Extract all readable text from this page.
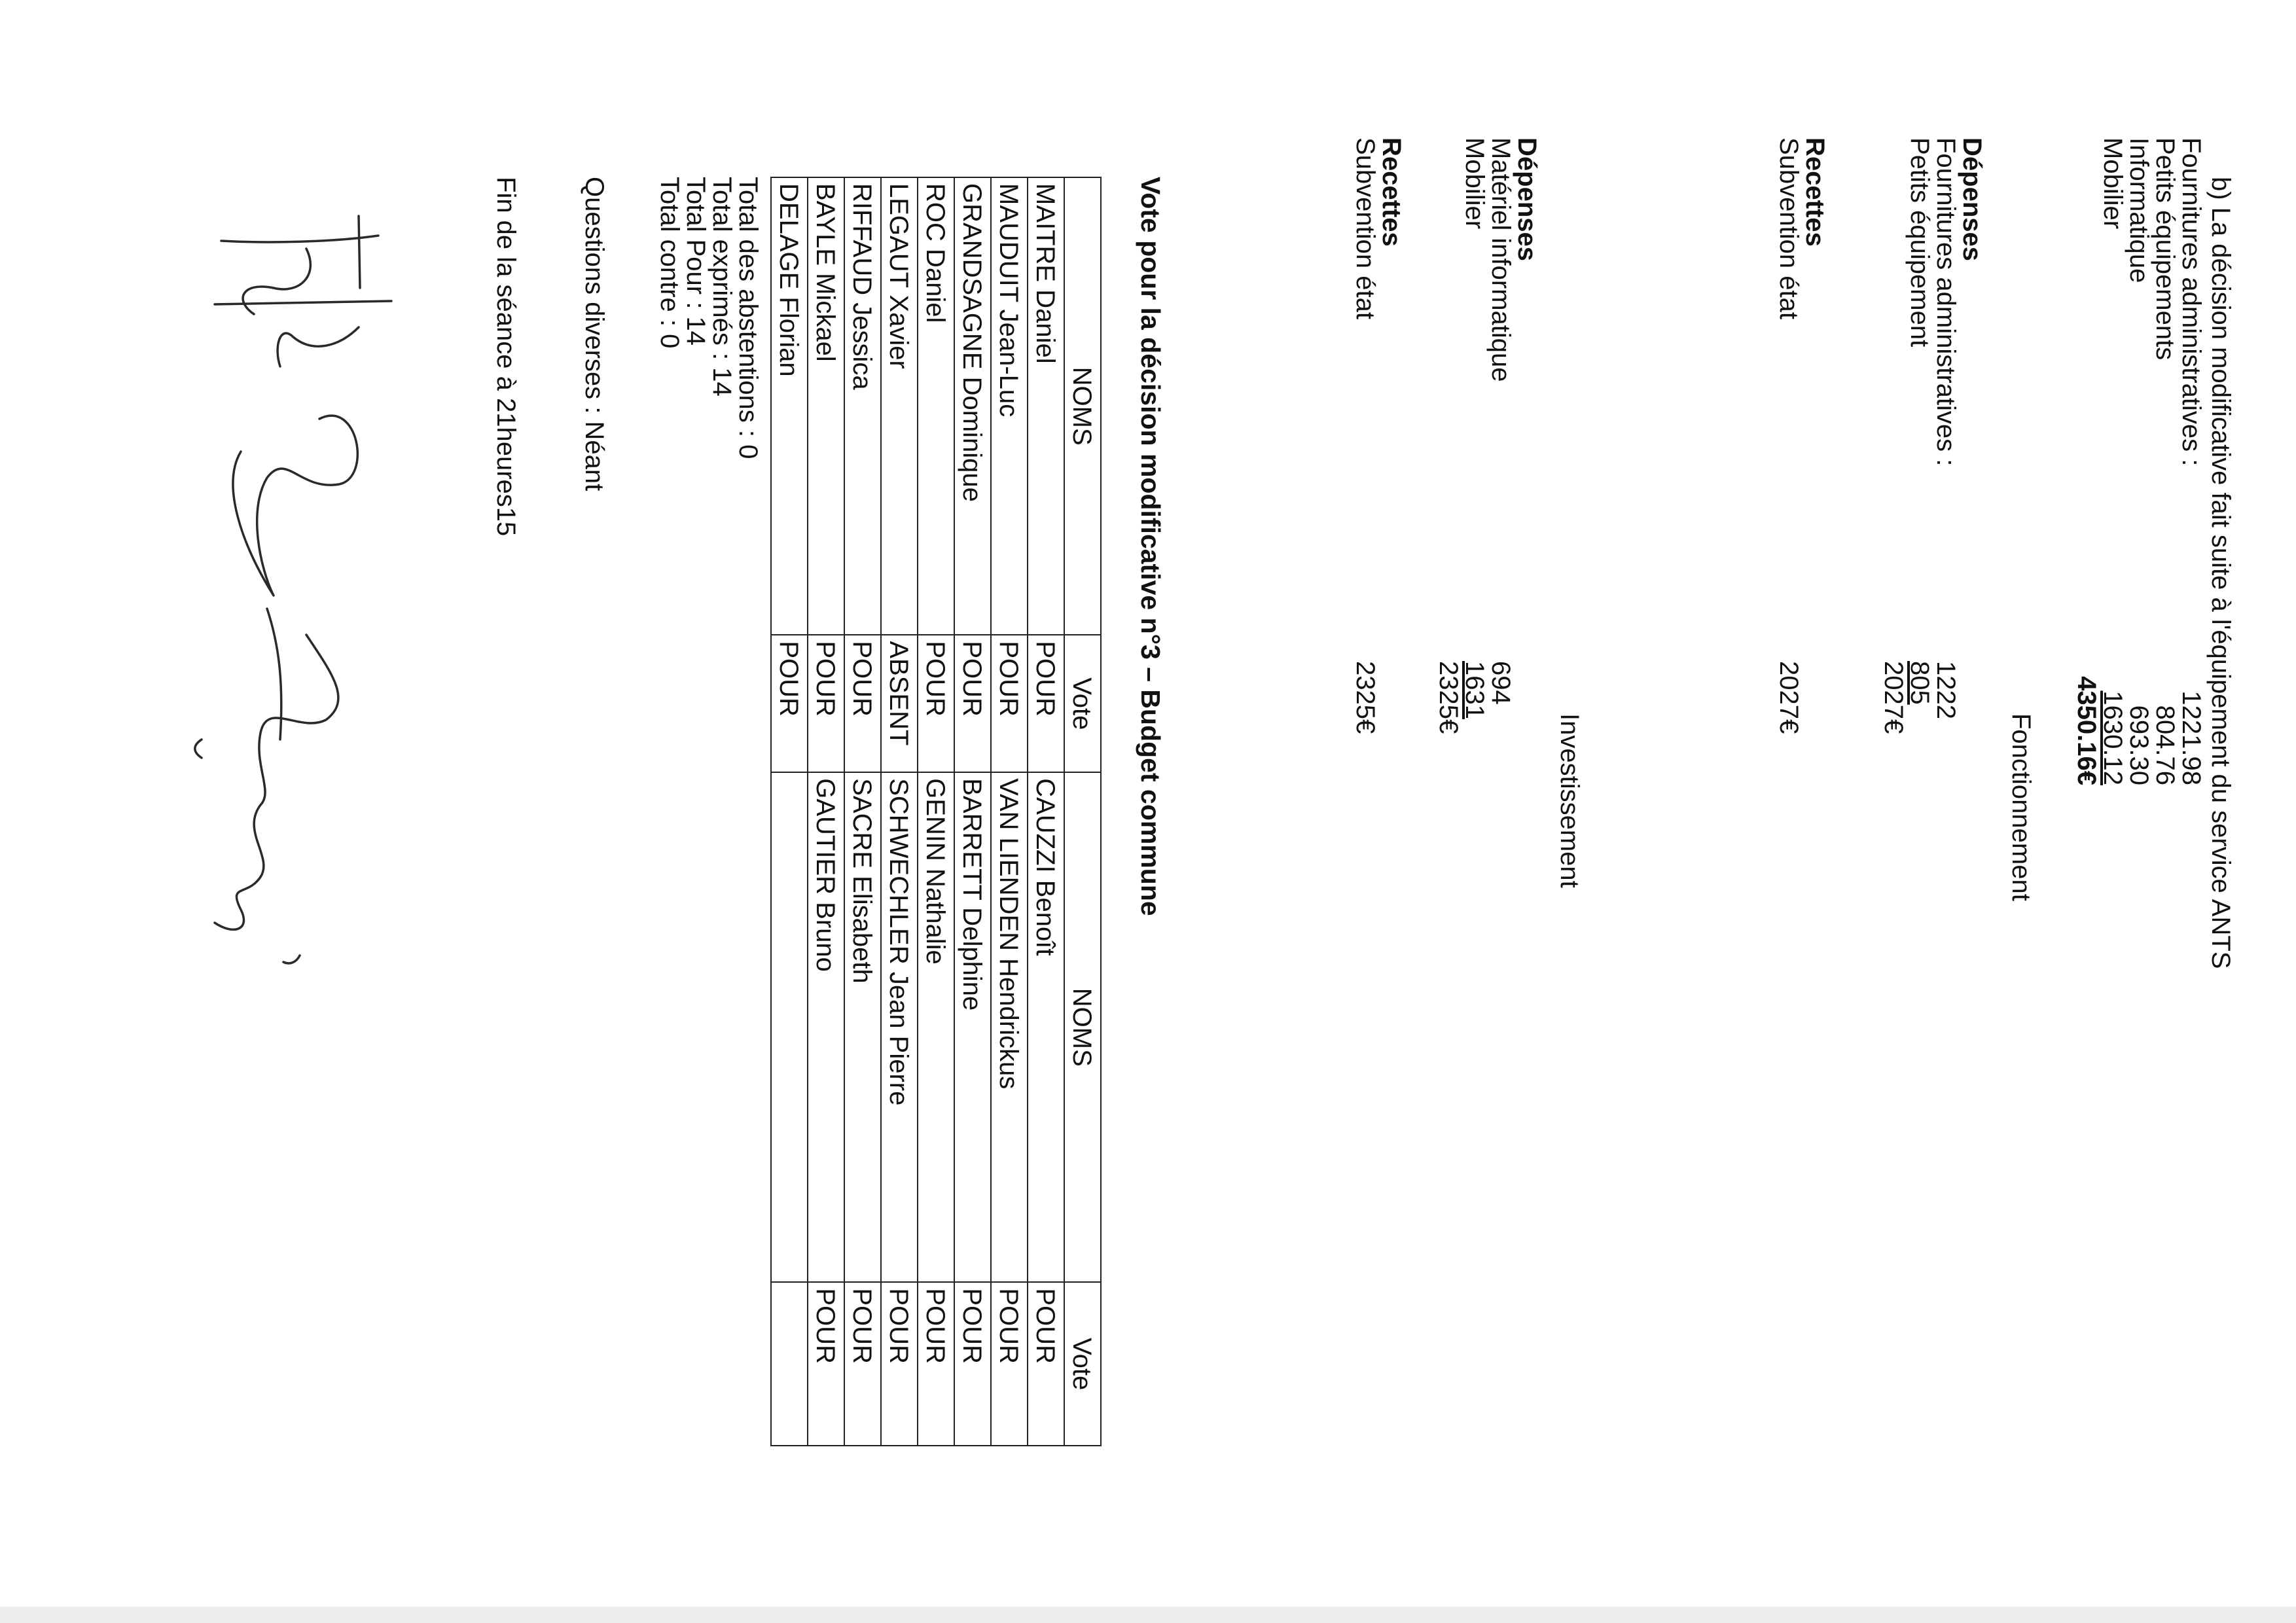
b) La décision modificative fait suite à l'équipement du service ANTS
Fournitures administratives :
1221.98
Petits équipements
804.76
Informatique
693.30
Mobilier
1630.12
4350.16€
Fonctionnement
Dépenses
Fournitures administratives :
1222
Petits équipement
805
2027€
Recettes
Subvention état
2027€
Investissement
Dépenses
Matériel informatique
694
Mobilier
1631
2325€
Recettes
Subvention état
2325€
Vote pour la décision modificative n°3 – Budget commune
NOMS	Vote	NOMS	Vote
MAITRE Daniel	POUR	CAUZZI Benoît	POUR
MAUDUIT Jean-Luc	POUR	VAN LIENDEN Hendrickus	POUR
GRANDSAGNE Dominique	POUR	BARRETT Delphine	POUR
ROC Daniel	POUR	GENIN Nathalie	POUR
LEGAUT Xavier	ABSENT	SCHWECHLER Jean Pierre	POUR
RIFFAUD Jessica	POUR	SACRE Elisabeth	POUR
BAYLE Mickael	POUR	GAUTIER Bruno	POUR
DELAGE Florian	POUR		
Total des abstentions : 0
Total exprimés : 14
Total Pour : 14
Total contre : 0
Questions diverses : Néant
Fin de la séance à 21heures15
